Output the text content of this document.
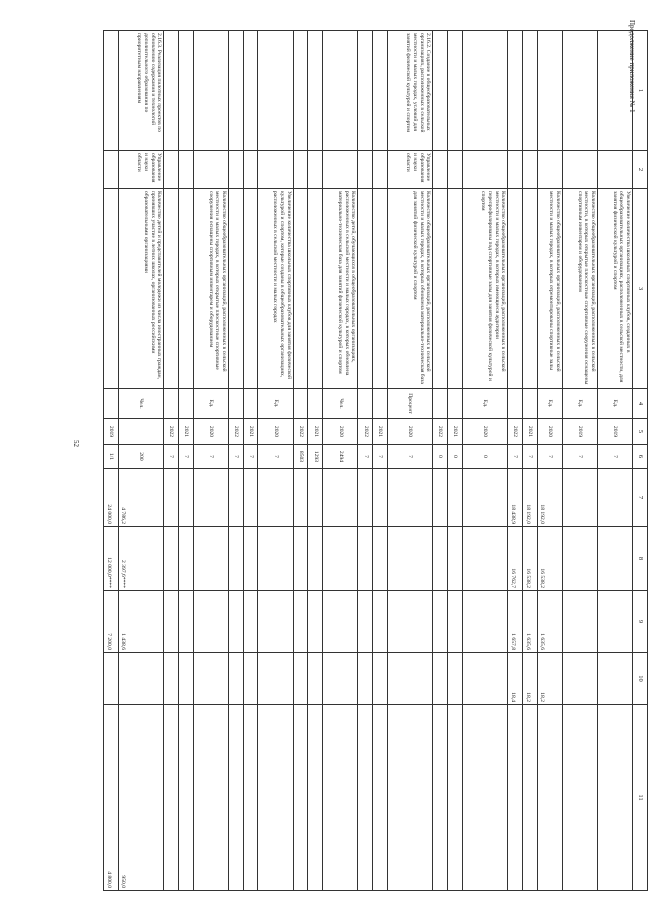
52
Продолжение приложения № 1 1	2	3	4	5	6	7	8	9	10	11
		Увеличение количества школьных спортивных клубов, созданных в общеобразовательных организациях, расположенных в сельской местности, для занятия физической культурой и спортом	Ед.	2019	7					
		Количество общеобразовательных организаций, расположенных в сельской местности, в которых открытые плоскостные спортивные сооружения оснащены спортивным инвентарем и оборудованием	Ед.	2019	7					
		Количество общеобразовательных организаций, расположенных в сельской местности и малых городах, в которых отремонтированы спортивные залы	Ед.	2020	7	18 192,0	16 538,2	1 635,6	18,2	
				2021	7	18 192,0	16 538,2	1 635,6	18,2	
				2022	7	18 438,9	16 762,7	1 657,8	18,4	
		Количество общеобразовательных организаций, расположенных в сельской местности и малых городах, в которых имеющиеся аудитории перепрофилированы под спортивные залы для занятия физической культурой и спортом	Ед.	2020	0					
				2021	0					
				2022	0					
2.16.2. Создание в общеобразовательных организациях, расположенных в сельской местности и малых городах, условий для занятий физической культурой и спортом	Управление образования и науки области	Количество общеобразовательных организаций, расположенных в сельской местности и малых городах, в которых обновлена материально-техническая база для занятий физической культурой и спортом	Процент	2020	7					
				2021	7					
				2022	7					
		Количество детей, обучающихся в общеобразовательных организациях, расположенных в сельской местности и малых городах, в которых обновлена материально-техническая база для занятий физической культурой и спортом	Чел.	2020	2494					
				2021	1293					
				2022	8503					
		Увеличение количества школьных спортивных клубов для занятия физической культурой и спортом, которые созданы в общеобразовательных организациях, расположенных в сельской местности и малых городах	Ед.	2020	7					
				2021	7					
				2022	7					
		Количество общеобразовательных организаций, расположенных в сельской местности и малых городах, в которых открытые плоскостные спортивные сооружения оснащены спортивным инвентарем и оборудованием	Ед.	2020	7					
				2021	7					
				2022	7					
2.16.3. Реализация пилотных проектов по обновлению содержания и технологий дополнительного образования по приоритетным направлениям	Управление образования и науки области	Количество детей и представителей молодежи из числа иностранных граждан, принявших участие в летних школах, организованных российскими образовательными организациями	Чел.		200	4 786,2	2 397,6****	1 438,6		950,0
				2019	1/1	24 000,0	12 000,0****	7 200,0		4 800,0
